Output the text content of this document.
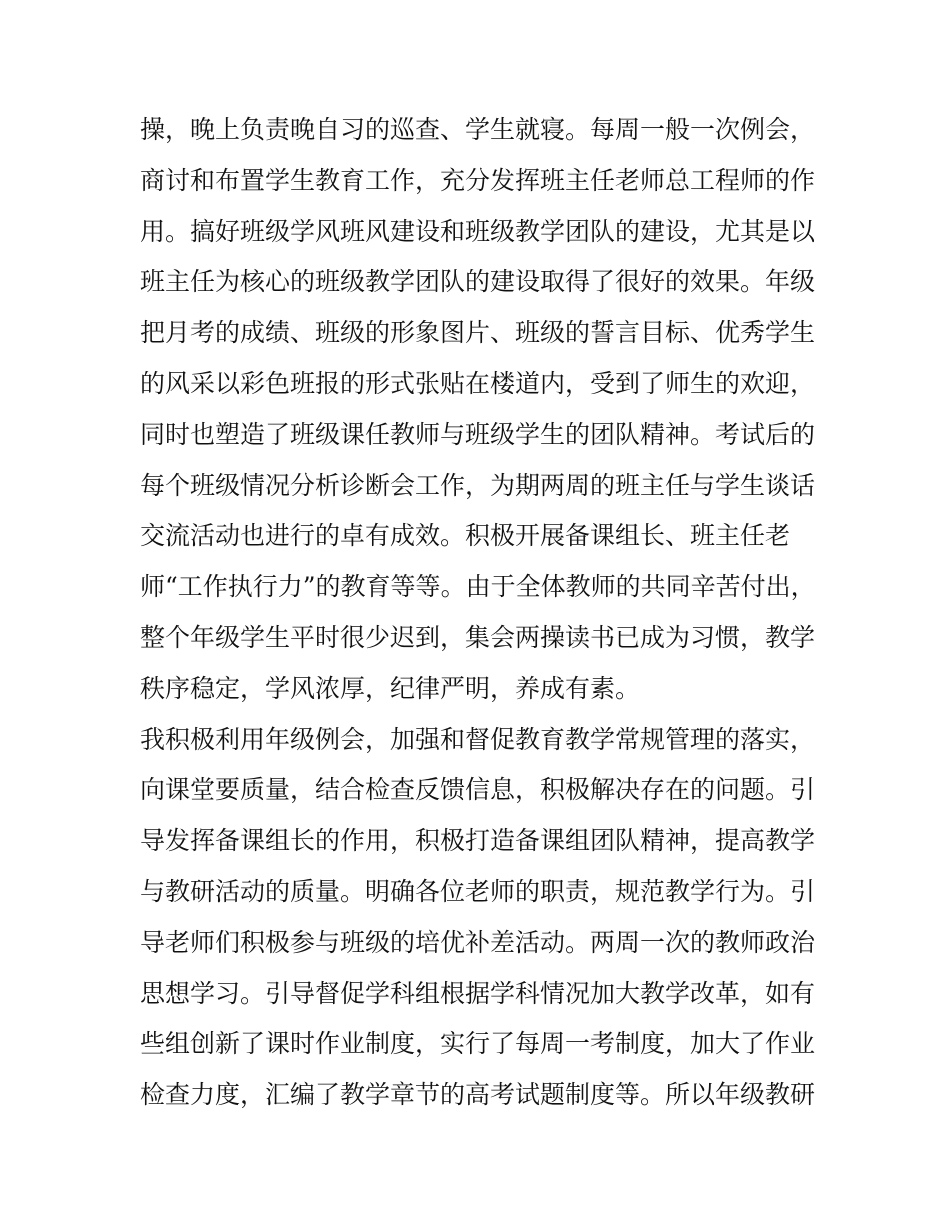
操，晚上负责晚自习的巡查、学生就寝。每周一般一次例会，
商讨和布置学生教育工作，充分发挥班主任老师总工程师的作
用。搞好班级学风班风建设和班级教学团队的建设，尤其是以
班主任为核心的班级教学团队的建设取得了很好的效果。年级
把月考的成绩、班级的形象图片、班级的誓言目标、优秀学生
的风采以彩色班报的形式张贴在楼道内，受到了师生的欢迎，
同时也塑造了班级课任教师与班级学生的团队精神。考试后的
每个班级情况分析诊断会工作，为期两周的班主任与学生谈话
交流活动也进行的卓有成效。积极开展备课组长、班主任老
师“工作执行力”的教育等等。由于全体教师的共同辛苦付出，
整个年级学生平时很少迟到，集会两操读书已成为习惯，教学
秩序稳定，学风浓厚，纪律严明，养成有素。
我积极利用年级例会，加强和督促教育教学常规管理的落实，
向课堂要质量，结合检查反馈信息，积极解决存在的问题。引
导发挥备课组长的作用，积极打造备课组团队精神，提高教学
与教研活动的质量。明确各位老师的职责，规范教学行为。引
导老师们积极参与班级的培优补差活动。两周一次的教师政治
思想学习。引导督促学科组根据学科情况加大教学改革，如有
些组创新了课时作业制度，实行了每周一考制度，加大了作业
检查力度，汇编了教学章节的高考试题制度等。所以年级教研
